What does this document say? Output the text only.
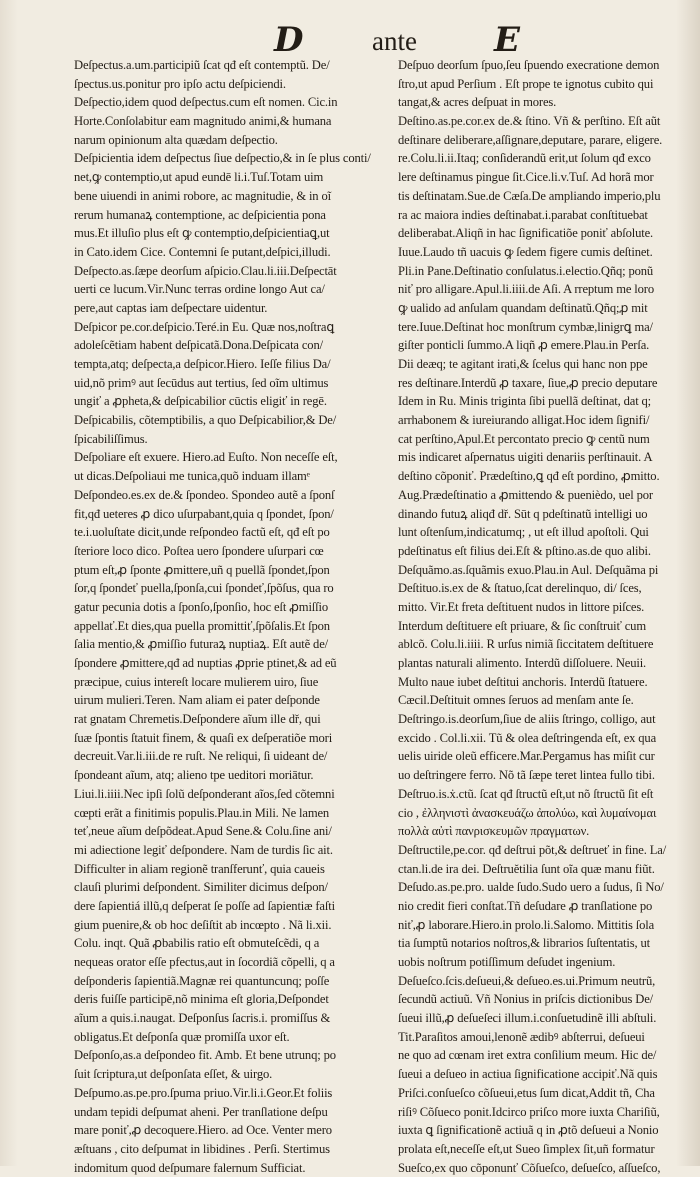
D	ante E
Deſpectus.a.um.participiũ ſcat qđ eſt contemptũ. De/
ſpectus.us.ponitur pro ipſo actu deſpiciendi.
Deſpectio,idem quod deſpectus.cum eſt nomen. Cic.in
Horte.Conſolabitur eam magnitudo animi,& humana
narum opinionum alta quædam deſpectio.
Deſpicientia idem deſpectus ſiue deſpectio,& in ſe plus conti/
net,ꝙ contemptio,ut apud eundē li.i.Tuſ.Totam uim
bene uiuendi in animi robore, ac magnitudie, & in oĩ
rerum humanaꝝ contemptione, ac deſpicientia pona
mus.Et illuſio plus eſt ꝙ contemptio,deſpicientiaꝗ,ut
in Cato.idem Cice. Contemni ſe putant,deſpici,illudi.
Deſpecto.as.ſæpe deorſum aſpicio.Clau.li.iii.Deſpectāt
uerti ce lucum.Vir.Nunc terras ordine longo Aut ca/
pere,aut captas iam deſpectare uidentur.
Deſpicor pe.cor.deſpicio.Teré.in Eu. Quæ nos,noſtraꝗ
adoleſcẽtiam habent deſpicatã.Dona.Deſpicata con/
tempta,atq; deſpecta,a deſpicor.Hiero. Ieſſe filius Da/
uid,nõ primꝰ aut ſecūdus aut tertius, ſed oĩm ultimus
ungiť a ꝓpheta,& deſpicabilior cūctis eligiť in regē.
Deſpicabilis, cõtemptibilis, a quo Deſpicabilior,& De/
ſpicabiliſſimus.
Deſpoliare eſt exuere. Hiero.ad Euſto. Non neceſſe eſt,
ut dicas.Deſpoliaui me tunica,quõ induam illamᵉ
Deſpondeo.es.ex de.& ſpondeo. Spondeo autẽ a ſponſ
fit,qđ ueteres ꝓ dico uſurpabant,quia q ſpondet, ſpon/
te.i.uoluſtate dicit,unde reſpondeo factũ eſt, qđ eſt po
ſteriore loco dico. Poſtea uero ſpondere uſurpari cœ
ptum eſt,ꝓ ſponte ꝓmittere,uñ q puellã ſpondet,ſpon
ſor,q ſpondeť puella,ſponſa,cui ſpondeť,ſpõſus, qua ro
gatur pecunia dotis a ſponſo,ſponſio, hoc eſt ꝓmiſſio
appellať.Et dies,qua puella promittiť,ſpõſalis.Et ſpon
ſalia mentio,& ꝓmiſſio futuraꝝ nuptiaꝝ. Eſt autẽ de/
ſpondere ꝓmittere,qđ ad nuptias ꝓprie ptinet,& ad eũ
præcipue, cuius intereſt locare mulierem uiro, ſiue
uirum mulieri.Teren. Nam aliam ei pater deſponde
rat gnatam Chremetis.Deſpondere aĩum ille dř, qui
ſuæ ſpontis ſtatuit finem, & quaſi ex deſperatiõe mori
decreuit.Var.li.iii.de re ruſt. Ne reliqui, ſi uideant de/
ſpondeant aĩum, atq; alieno tpe ueditori moriātur.
Liui.li.iiii.Nec ipſi ſolũ deſponderant aĩos,ſed cõtemni
cœpti erãt a finitimis populis.Plau.in Mili. Ne lamen
teť,neue aĩum deſpõdeat.Apud Sene.& Colu.ſine ani/
mi adiectione legiť deſpondere. Nam de turdis ſic ait.
Difficulter in aliam regionẽ tranſferunť, quia caueis
clauſi plurimi deſpondent. Similiter dicimus deſpon/
dere ſapientiá illũ,q deſperat ſe poſſe ad ſapientiæ faſti
gium puenire,& ob hoc deſiſtit ab incœpto . Nã li.xii.
Colu. inqt. Quã ꝓbabilis ratio eſt obmuteſcẽdi, q a
nequeas orator eſſe pfectus,aut in ſocordiã cõpelli, q a
deſponderis ſapientiã.Magnæ rei quantuncunq; poſſe
deris fuiſſe participē,nõ minima eſt gloria,Deſpondet
aĩum a quis.i.naugat. Deſponſus ſacris.i. promiſſus &
obligatus.Et deſponſa quæ promiſſa uxor eſt.
Deſponſo,as.a deſpondeo fit. Amb. Et bene utrunq; po
ſuit ſcriptura,ut deſponſata eſſet, & uirgo.
Deſpumo.as.pe.pro.ſpuma priuo.Vir.li.i.Geor.Et foliis
undam tepidi deſpumat aheni. Per tranſlatione deſpu
mare poniť,ꝓ decoquere.Hiero. ad Oce. Venter mero
æſtuans , cito deſpumat in libidines . Perſi. Stertimus
indomitum quod deſpumare falernum Sufficiat.
Deſpuo deorſum ſpuo,ſeu ſpuendo execratione demon
ſtro,ut apud Perſium . Eſt prope te ignotus cubito qui
tangat,& acres deſpuat in mores.
Deſtino.as.pe.cor.ex de.& ſtino. Vñ & perſtino. Eſt aũt
deſtinare deliberare,aſſignare,deputare, parare, eligere.
re.Colu.li.ii.Itaq; conſiderandũ erit,ut ſolum qđ exco
lere deſtinamus pingue ſit.Cice.li.v.Tuſ. Ad horã mor
tis deſtinatam.Sue.de Cæſa.De ampliando imperio,plu
ra ac maiora indies deſtinabat.i.parabat conſtituebat
deliberabat.Aliqñ in hac ſignificatiõe poniť abſolute.
Iuue.Laudo tñ uacuis ꝙ ſedem figere cumis deſtinet.
Pli.in Pane.Deſtinatio conſulatus.i.electio.Qñq; ponũ
niť pro alligare.Apul.li.iiii.de Aſi. A rreptum me loro
ꝙ ualido ad anſulam quandam deſtinatũ.Qñq;ꝓ mit
tere.Iuue.Deſtinat hoc monſtrum cymbæ,linigrꝗ ma/
giſter ponticli ſummo.A liqñ ꝓ emere.Plau.in Perſa.
Dii deæq; te agitant irati,& ſcelus qui hanc non ppe
res deſtinare.Interdũ ꝓ taxare, ſiue,ꝓ precio deputare
Idem in Ru. Minis triginta ſibi puellã deſtinat, dat q;
arrhabonem & iureiurando alligat.Hoc idem ſignifi/
cat perſtino,Apul.Et percontato precio ꝙ centũ num
mis indicaret aſpernatus uigiti denariis perſtinauit. A
deſtino cõponiť. Prædeſtino,ꝗ qđ eſt pordino, ꝓmitto.
Aug.Prædeſtinatio a ꝓmittendo & puenièdo, uel por
dinando futuꝝ aliqđ dř. Sūt q pdeſtinatũ intelligi uo
lunt oſtenſum,indicatumq; , ut eſt illud apoſtoli. Qui
pdeſtinatus eſt filius dei.Eſt & pſtino.as.de quo alibi.
Deſquãmo.as.ſquãmis exuo.Plau.in Aul. Deſquãma pi
Deſtituo.is.ex de & ſtatuo,ſcat derelinquo, di/ ſces,
mitto. Vir.Et freta deſtituent nudos in littore piſces.
Interdum deſtituere eſt priuare, & ſic conſtruiť cum
ablcõ. Colu.li.iiii. R urſus nimiã ſiccitatem deſtituere
plantas naturali alimento. Interdũ diſſoluere. Neuii.
Multo naue iubet deſtitui anchoris. Interdũ ſtatuere.
Cæcil.Deſtituit omnes ſeruos ad menſam ante ſe.
Deſtringo.is.deorſum,ſiue de aliis ſtringo, colligo, aut
excido . Col.li.xii. Tũ & olea deſtringenda eſt, ex qua
uelis uiride oleũ efficere.Mar.Pergamus has miſit cur
uo deſtringere ferro. Nõ tã ſæpe teret lintea fullo tibi.
Deſtruo.is.ẋ.ctũ. ſcat qđ ſtructũ eſt,ut nõ ſtructũ ſit eſt
cio , ἐλληνιστὶ ἀνασκευάζω ἀπολύω, καὶ λυμαίνομαι
πολλὰ αὐτὶ πανρισκευμῶν πραγματων.
Deſtructile,pe.cor. qđ deſtrui põt,& deſtrueť in fine. La/
ctan.li.de ira dei. Deſtruĕtilia ſunt oĩa quæ manu fiũt.
Deſudo.as.pe.pro. ualde ſudo.Sudo uero a ſudus, ſi No/
nio credit fieri conſtat.Tñ deſudare ꝓ tranſlatione po
niť,ꝓ laborare.Hiero.in prolo.li.Salomo. Mittitis ſola
tia ſumptũ notarios noſtros,& librarios ſuſtentatis, ut
uobis noſtrum potiſſimum deſudet ingenium.
Deſueſco.ſcis.deſueui,& deſueo.es.ui.Primum neutrũ,
ſecundũ actiuũ. Vñ Nonius in priſcis dictionibus De/
ſueui illũ,ꝓ deſueſeci illum.i.conſuetudinẽ illi abſtuli.
Tit.Paraſitos amoui,lenonẽ ædibꝰ abſterrui, deſueui
ne quo ad cœnam iret extra conſilium meum. Hic de/
ſueui a deſueo in actiua ſignificatione accipiť.Nã quis
Priſci.conſueſco cõſueui,etus ſum dicat,Addit tñ, Cha
riſiꝰ Cõſueco ponit.Idcirco priſco more iuxta Chariſiũ,
iuxta ꝗ ſignificationẽ actiuã q in ꝓtõ deſueui a Nonio
prolata eſt,neceſſe eſt,ut Sueo ſimplex ſit,uñ formatur
Sueſco,ex quo cõponunť Cõſueſco, deſueſco, aſſueſco,
